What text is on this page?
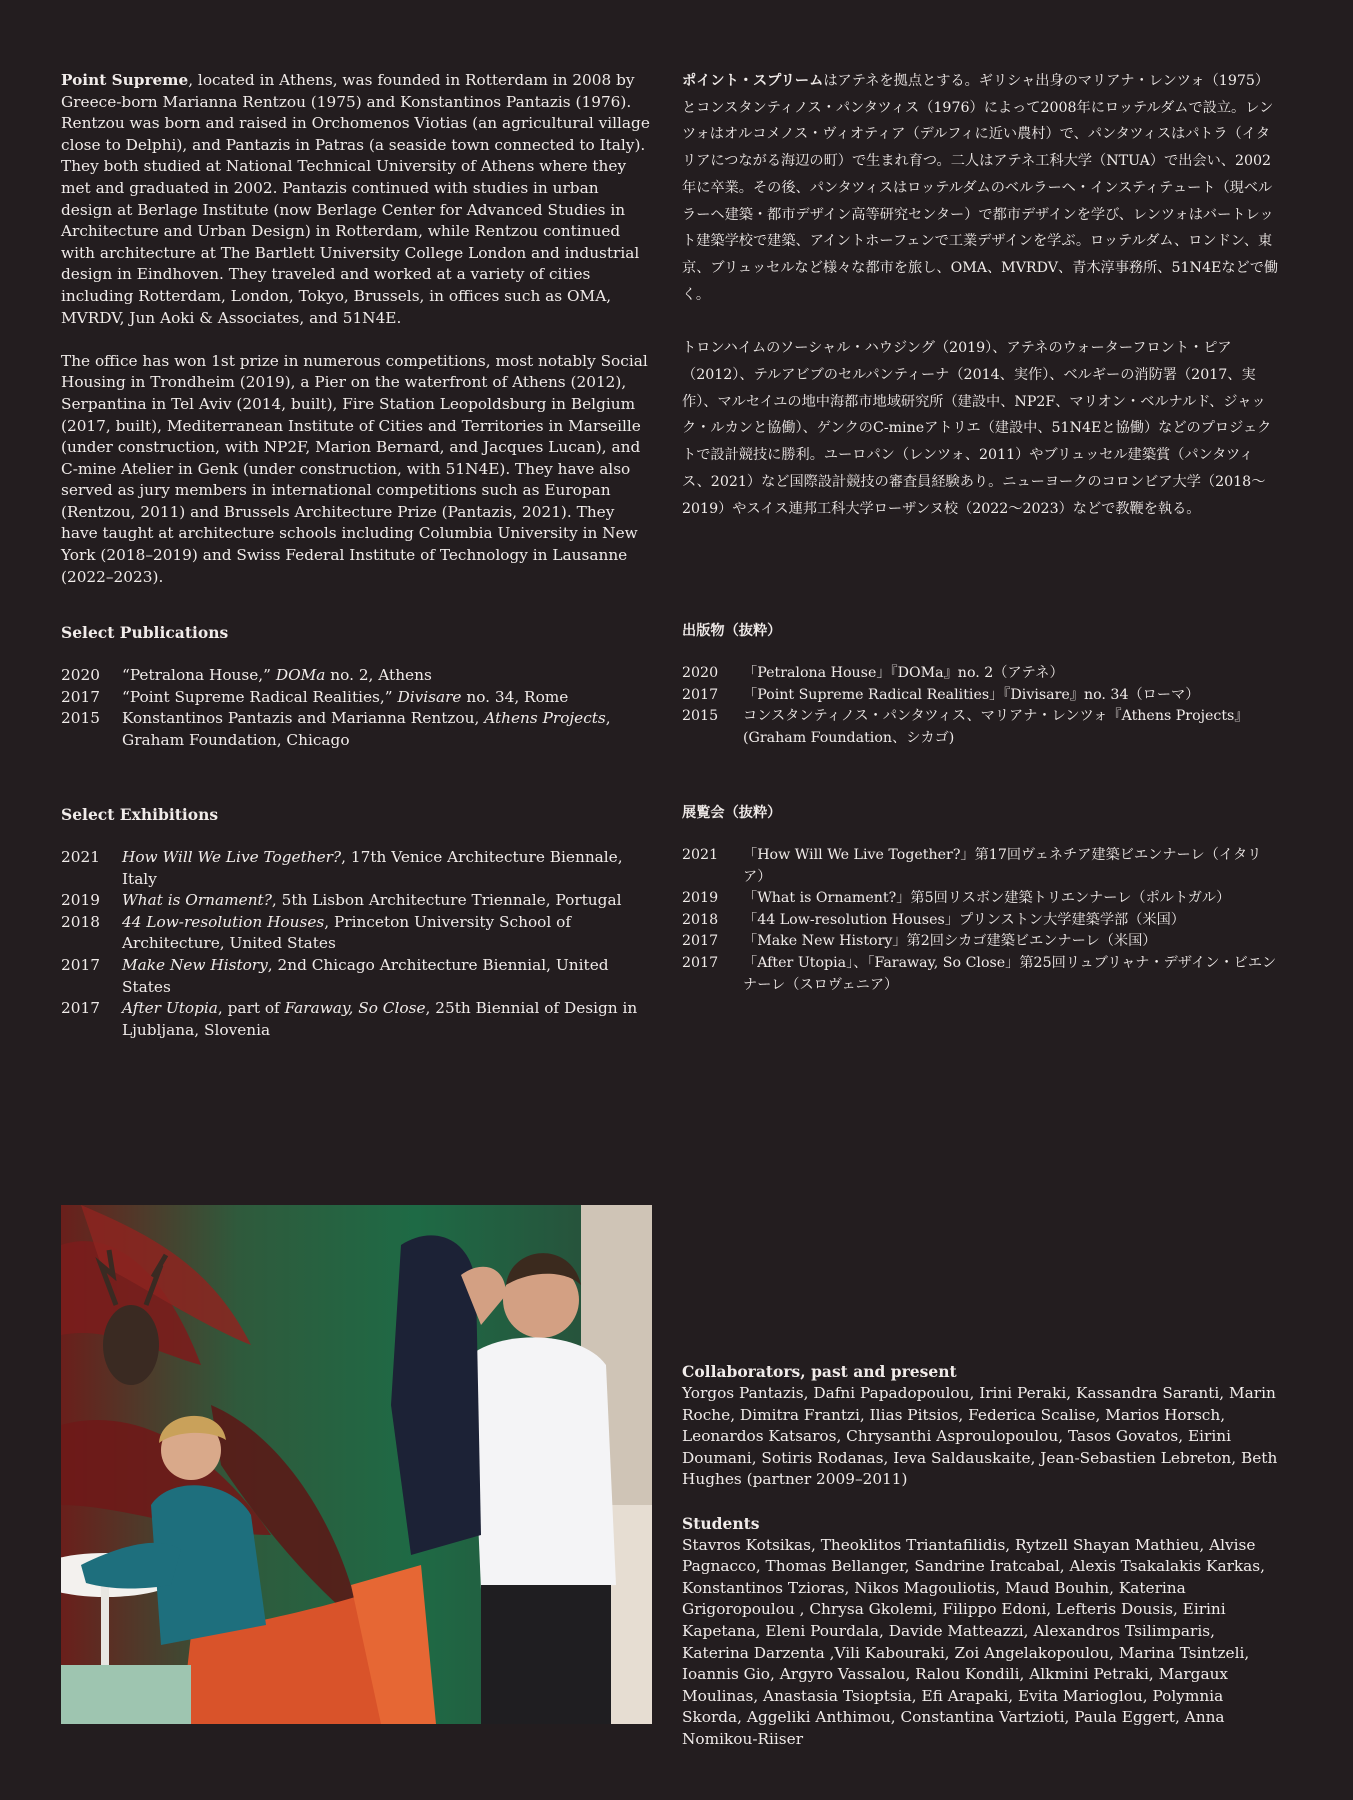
Point Supreme, located in Athens, was founded in Rotterdam in 2008 by Greece-born Marianna Rentzou (1975) and Konstantinos Pantazis (1976). Rentzou was born and raised in Orchomenos Viotias (an agricultural village close to Delphi), and Pantazis in Patras (a seaside town connected to Italy). They both studied at National Technical University of Athens where they met and graduated in 2002. Pantazis continued with studies in urban design at Berlage Institute (now Berlage Center for Advanced Studies in Architecture and Urban Design) in Rotterdam, while Rentzou continued with architecture at The Bartlett University College London and industrial design in Eindhoven. They traveled and worked at a variety of cities including Rotterdam, London, Tokyo, Brussels, in offices such as OMA, MVRDV, Jun Aoki & Associates, and 51N4E.

The office has won 1st prize in numerous competitions, most notably Social Housing in Trondheim (2019), a Pier on the waterfront of Athens (2012), Serpantina in Tel Aviv (2014, built), Fire Station Leopoldsburg in Belgium (2017, built), Mediterranean Institute of Cities and Territories in Marseille (under construction, with NP2F, Marion Bernard, and Jacques Lucan), and C-mine Atelier in Genk (under construction, with 51N4E). They have also served as jury members in international competitions such as Europan (Rentzou, 2011) and Brussels Architecture Prize (Pantazis, 2021). They have taught at architecture schools including Columbia University in New York (2018–2019) and Swiss Federal Institute of Technology in Lausanne (2022–2023).

ポイント・スプリームはアテネを拠点とする。ギリシャ出身のマリアナ・レンツォ（1975）とコンスタンティノス・パンタツィス（1976）によって2008年にロッテルダムで設立。レンツォはオルコメノス・ヴィオティア（デルフィに近い農村）で、パンタツィスはパトラ（イタリアにつながる海辺の町）で生まれ育つ。二人はアテネ工科大学（NTUA）で出会い、2002年に卒業。その後、パンタツィスはロッテルダムのベルラーヘ・インスティテュート（現ベルラーヘ建築・都市デザイン高等研究センター）で都市デザインを学び、レンツォはバートレット建築学校で建築、アイントホーフェンで工業デザインを学ぶ。ロッテルダム、ロンドン、東京、ブリュッセルなど様々な都市を旅し、OMA、MVRDV、青木淳事務所、51N4Eなどで働く。

トロンハイムのソーシャル・ハウジング（2019）、アテネのウォーターフロント・ピア（2012）、テルアビブのセルパンティーナ（2014、実作）、ベルギーの消防署（2017、実作）、マルセイユの地中海都市地域研究所（建設中、NP2F、マリオン・ベルナルド、ジャック・ルカンと協働）、ゲンクのC-mineアトリエ（建設中、51N4Eと協働）などのプロジェクトで設計競技に勝利。ユーロパン（レンツォ、2011）やブリュッセル建築賞（パンタツィス、2021）など国際設計競技の審査員経験あり。ニューヨークのコロンビア大学（2018〜2019）やスイス連邦工科大学ローザンヌ校（2022〜2023）などで教鞭を執る。

Select Publications
2020	“Petralona House,” DOMa no. 2, Athens
2017	“Point Supreme Radical Realities,” Divisare no. 34, Rome
2015	Konstantinos Pantazis and Marianna Rentzou, Athens Projects, Graham Foundation, Chicago
出版物（抜粋）
2020	「Petralona House」『DOMa』no. 2（アテネ）
2017	「Point Supreme Radical Realities」『Divisare』no. 34（ローマ）
2015	コンスタンティノス・パンタツィス、マリアナ・レンツォ『Athens Projects』(Graham Foundation、シカゴ)
Select Exhibitions
2021	How Will We Live Together?, 17th Venice Architecture Biennale, Italy
2019	What is Ornament?, 5th Lisbon Architecture Triennale, Portugal
2018	44 Low-resolution Houses, Princeton University School of Architecture, United States
2017	Make New History, 2nd Chicago Architecture Biennial, United States
2017	After Utopia, part of Faraway, So Close, 25th Biennial of Design in Ljubljana, Slovenia
展覧会（抜粋）
2021	「How Will We Live Together?」第17回ヴェネチア建築ビエンナーレ（イタリア）
2019	「What is Ornament?」第5回リスボン建築トリエンナーレ（ポルトガル）
2018	「44 Low-resolution Houses」プリンストン大学建築学部（米国）
2017	「Make New History」第2回シカゴ建築ビエンナーレ（米国）
2017	「After Utopia」、「Faraway, So Close」第25回リュブリャナ・デザイン・ビエンナーレ（スロヴェニア）
Collaborators, past and present

Yorgos Pantazis, Dafni Papadopoulou, Irini Peraki, Kassandra Saranti, Marin Roche, Dimitra Frantzi, Ilias Pitsios, Federica Scalise, Marios Horsch, Leonardos Katsaros, Chrysanthi Asproulopoulou, Tasos Govatos, Eirini Doumani, Sotiris Rodanas, Ieva Saldauskaite, Jean-Sebastien Lebreton, Beth Hughes (partner 2009–2011)

Students

Stavros Kotsikas, Theoklitos Triantafilidis, Rytzell Shayan Mathieu, Alvise Pagnacco, Thomas Bellanger, Sandrine Iratcabal, Alexis Tsakalakis Karkas, Konstantinos Tzioras, Nikos Magouliotis, Maud Bouhin, Katerina Grigoropoulou , Chrysa Gkolemi, Filippo Edoni, Lefteris Dousis, Eirini Kapetana, Eleni Pourdala, Davide Matteazzi, Alexandros Tsilimparis, Katerina Darzenta ,Vili Kabouraki, Zoi Angelakopoulou, Marina Tsintzeli, Ioannis Gio, Argyro Vassalou, Ralou Kondili, Alkmini Petraki, Margaux Moulinas, Anastasia Tsioptsia, Efi Arapaki, Evita Marioglou, Polymnia Skorda, Aggeliki Anthimou, Constantina Vartzioti, Paula Eggert, Anna Nomikou-Riiser
